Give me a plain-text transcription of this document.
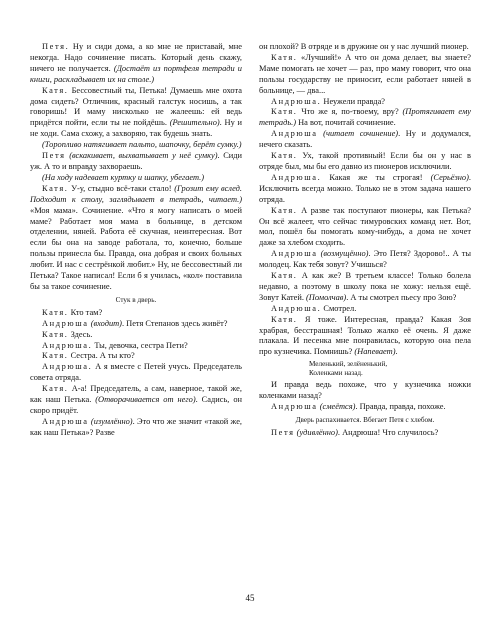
Петя. Ну и сиди дома, а ко мне не приставай, мне некогда. Надо сочинение писать. Который день скажу, ничего не получается. (Достаёт из портфеля тетради и книги, раскладывает их на столе.)

Катя. Бессовестный ты, Петька! Думаешь мне охота дома сидеть? Отличник, красный галстук носишь, а так говоришь! И маму нисколько не жалеешь: ей ведь придётся пойти, если ты не пойдёшь. (Решительно). Ну и не ходи. Сама схожу, а захворяю, так будешь знать.

(Торопливо натягивает пальто, шапочку, берёт сумку.)

Петя (вскакивает, выхватывает у неё сумку). Сиди уж. А то и вправду захвораешь.

(На ходу надевает куртку и шапку, убегает.)

Катя. У-у, стыдно всё-таки стало! (Грозит ему вслед. Подходит к столу, заглядывает в тетрадь, читает.) «Моя мама». Сочинение. «Что я могу написать о моей маме? Работает моя мама в больнице, в детском отделении, няней. Работа её скучная, неинтересная. Вот если бы она на заводе работала, то, конечно, больше пользы принесла бы. Правда, она добрая и своих больных любит. И нас с сестрёнкой любит.» Ну, не бессовестный ли Петька? Такое написал! Если б я училась, «кол» поставила бы за такое сочинение.

Стук в дверь.

Катя. Кто там?

Андрюша (входит). Петя Степанов здесь живёт?

Катя. Здесь.

Андрюша. Ты, девочка, сестра Пети?

Катя. Сестра. А ты кто?

Андрюша. А я вместе с Петей учусь. Председатель совета отряда.

Катя. А-а! Председатель, а сам, наверное, такой же, как наш Петька. (Отворачивается от него). Садись, он скоро придёт.

Андрюша (изумлённо). Это что же значит «такой же, как наш Петька»? Разве

он плохой? В отряде и в дружине он у нас лучший пионер.

Катя. «Лучший!» А что он дома делает, вы знаете? Маме помогать не хочет — раз, про маму говорит, что она пользы государству не приносит, если работает няней в больнице, — два...

Андрюша. Неужели правда?

Катя. Что же я, по-твоему, вру? (Протягивает ему тетрадь.) На вот, почитай сочинение.

Андрюша (читает сочинение). Ну и додумался, нечего сказать.

Катя. Ух, такой противный! Если бы он у нас в отряде был, мы бы его давно из пионеров исключили.

Андрюша. Какая же ты строгая! (Серьёзно). Исключить всегда можно. Только не в этом задача нашего отряда.

Катя. А разве так поступают пионеры, как Петька? Он всё жалеет, что сейчас тимуровских команд нет. Вот, мол, пошёл бы помогать кому-нибудь, а дома не хочет даже за хлебом сходить.

Андрюша (возмущённо). Это Петя? Здорово!.. А ты молодец. Как тебя зовут? Учишься?

Катя. А как же? В третьем классе! Только болела недавно, а поэтому в школу пока не хожу: нельзя ещё. Зовут Катей. (Помолчав). А ты смотрел пьесу про Зою?

Андрюша. Смотрел.

Катя. Я тоже. Интересная, правда? Какая Зоя храбрая, бесстрашная! Только жалко её очень. Я даже плакала. И песенка мне понравилась, которую она пела про кузнечика. Помнишь? (Напевает).

Меленький, зелёненький,
Коленками назад.

И правда ведь похоже, что у кузнечика ножки коленками назад?

Андрюша (смеётся). Правда, правда, похоже.

Дверь распахивается. Вбегает Петя с хлебом.

Петя (удивлённо). Андрюша! Что случилось?

45
